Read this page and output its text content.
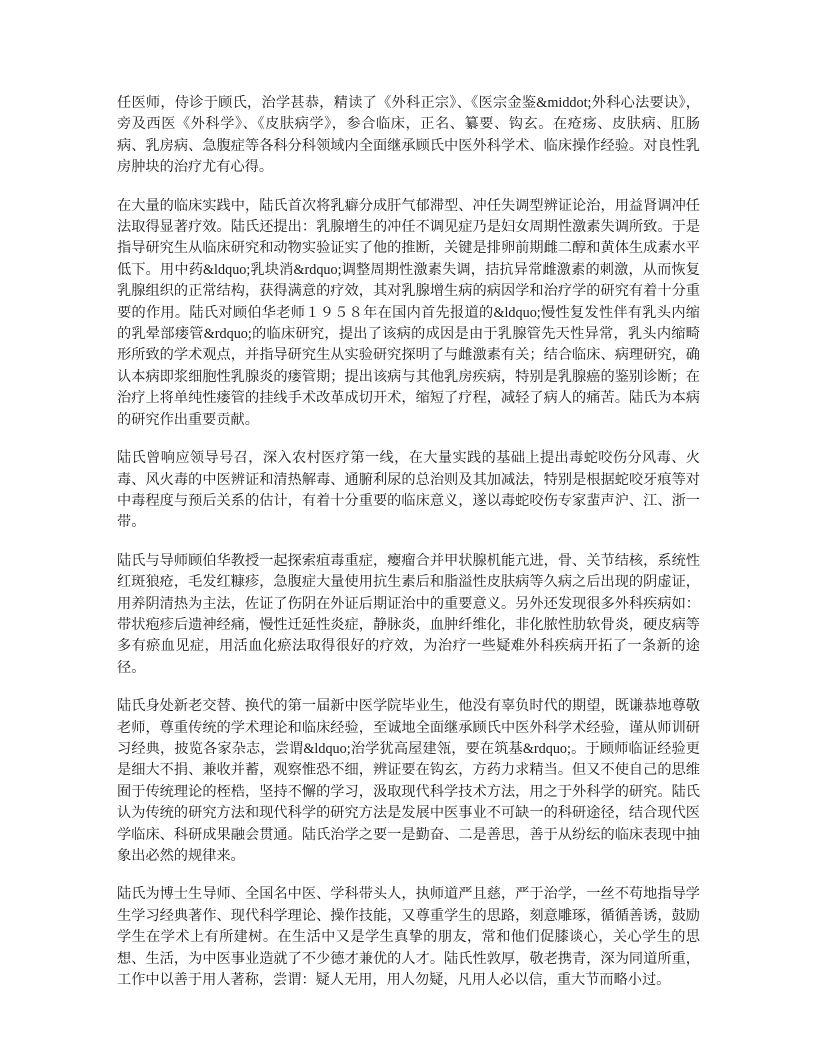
任医师，侍诊于顾氏，治学甚恭，精读了《外科正宗》、《医宗金鉴&middot;外科心法要诀》，旁及西医《外科学》、《皮肤病学》，参合临床，正名、纂要、钩玄。在疮疡、皮肤病、肛肠病、乳房病、急腹症等各科分科领域内全面继承顾氏中医外科学术、临床操作经验。对良性乳房肿块的治疗尤有心得。

在大量的临床实践中，陆氏首次将乳癖分成肝气郁滞型、冲任失调型辨证论治，用益肾调冲任法取得显著疗效。陆氏还提出：乳腺增生的冲任不调见症乃是妇女周期性激素失调所致。于是指导研究生从临床研究和动物实验证实了他的推断，关键是排卵前期雌二醇和黄体生成素水平低下。用中药&ldquo;乳块消&rdquo;调整周期性激素失调，拮抗异常雌激素的刺激，从而恢复乳腺组织的正常结构，获得满意的疗效，其对乳腺增生病的病因学和治疗学的研究有着十分重要的作用。陆氏对顾伯华老师１９５８年在国内首先报道的&ldquo;慢性复发性伴有乳头内缩的乳晕部瘘管&rdquo;的临床研究，提出了该病的成因是由于乳腺管先天性异常，乳头内缩畸形所致的学术观点，并指导研究生从实验研究探明了与雌激素有关；结合临床、病理研究，确认本病即浆细胞性乳腺炎的瘘管期；提出该病与其他乳房疾病，特别是乳腺癌的鉴别诊断；在治疗上将单纯性瘘管的挂线手术改革成切开术，缩短了疗程，减轻了病人的痛苦。陆氏为本病的研究作出重要贡献。

陆氏曾响应领导号召，深入农村医疗第一线，在大量实践的基础上提出毒蛇咬伤分风毒、火毒、风火毒的中医辨证和清热解毒、通腑利尿的总治则及其加减法，特别是根据蛇咬牙痕等对中毒程度与预后关系的估计，有着十分重要的临床意义，遂以毒蛇咬伤专家蜚声沪、江、浙一带。

陆氏与导师顾伯华教授一起探索疽毒重症，瘿瘤合并甲状腺机能亢进，骨、关节结核，系统性红斑狼疮，毛发红糠疹，急腹症大量使用抗生素后和脂溢性皮肤病等久病之后出现的阴虚证，用养阴清热为主法，佐证了伤阴在外证后期证治中的重要意义。另外还发现很多外科疾病如：带状疱疹后遗神经痛，慢性迁延性炎症，静脉炎，血肿纤维化，非化脓性肋软骨炎，硬皮病等多有瘀血见症，用活血化瘀法取得很好的疗效，为治疗一些疑难外科疾病开拓了一条新的途径。

陆氏身处新老交替、换代的第一届新中医学院毕业生，他没有辜负时代的期望，既谦恭地尊敬老师，尊重传统的学术理论和临床经验，至诚地全面继承顾氏中医外科学术经验，谨从师训研习经典，披览各家杂志，尝谓&ldquo;治学犹高屋建瓴，要在筑基&rdquo;。于顾师临证经验更是细大不捐、兼收并蓄，观察惟恐不细，辨证要在钩玄，方药力求精当。但又不使自己的思维囿于传统理论的桎梏，坚持不懈的学习，汲取现代科学技术方法，用之于外科学的研究。陆氏认为传统的研究方法和现代科学的研究方法是发展中医事业不可缺一的科研途径，结合现代医学临床、科研成果融会贯通。陆氏治学之要一是勤奋、二是善思，善于从纷纭的临床表现中抽象出必然的规律来。

陆氏为博士生导师、全国名中医、学科带头人，执师道严且慈，严于治学，一丝不苟地指导学生学习经典著作、现代科学理论、操作技能，又尊重学生的思路，刻意雕琢，循循善诱，鼓励学生在学术上有所建树。在生活中又是学生真挚的朋友，常和他们促膝谈心，关心学生的思想、生活，为中医事业造就了不少德才兼优的人才。陆氏性敦厚，敬老携青，深为同道所重，工作中以善于用人著称，尝谓：疑人无用，用人勿疑，凡用人必以信，重大节而略小过。
